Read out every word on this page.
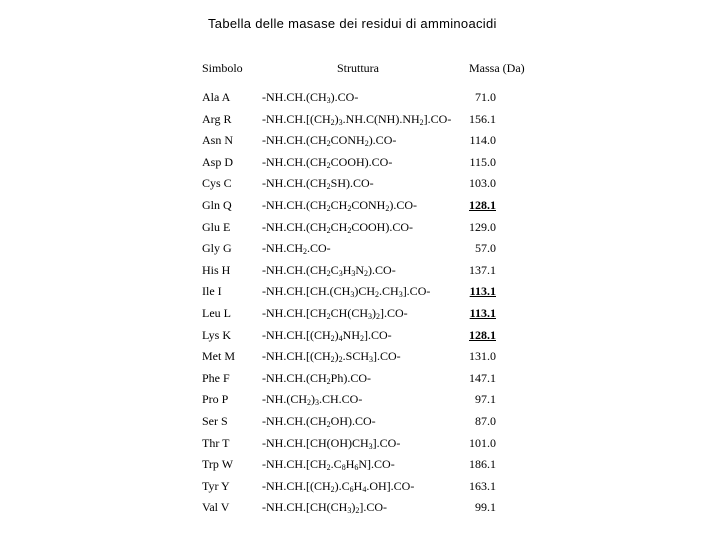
Tabella delle masase dei residui di amminoacidi
Simbolo	Struttura	Massa (Da)
Ala A	$-NH.CH.(CH_3).CO-$	71.0
Arg R	$-NH.CH.[(CH_2)_3.NH.C(NH).NH_2].CO-$ 156.1
Asn N $-NH.CH.(CH_2CONH_2).CO-$	114.0
Asp D $-NH.CH.(CH_2COOH).CO-$	115.0
Cys C	$-NH.CH.(CH_2SH).CO-$	103.0
Gln Q	$-NH.CH.(CH_2CH_2CONH_2).CO-$	128.1
Glu E	$-NH.CH.(CH_2CH_2COOH).CO-$	129.0
Gly G	$-NH.CH_2.CO-$	57.0
His H	$-NH.CH.(CH_2C_3H_3N_2).CO-$	137.1
Ile I	$-NH.CH.[CH.(CH_3)CH_2.CH_3].CO-$	113.1
Leu L	$-NH.CH.[CH_2CH(CH_3)_2].CO-$	113.1
Lys K	$-NH.CH.[(CH_2)_4NH_2].CO-$	128.1
Met M $-NH.CH.[(CH_2)_2.SCH_3].CO-$	131.0
Phe F	$-NH.CH.(CH_2Ph).CO-$	147.1
Pro P	$-NH.(CH_2)_3.CH.CO-$	97.1
Ser S	$-NH.CH.(CH_2OH).CO-$	87.0
Thr T	$-NH.CH.[CH(OH)CH_3].CO-$	101.0
Trp W $-NH.CH.[CH_2.C_8H_6N].CO-$	186.1
Tyr Y	$-NH.CH.[(CH_2).C_6H_4.OH].CO-$	163.1
Val V	$-NH.CH.[CH(CH_3)_2].CO-$	99.1
